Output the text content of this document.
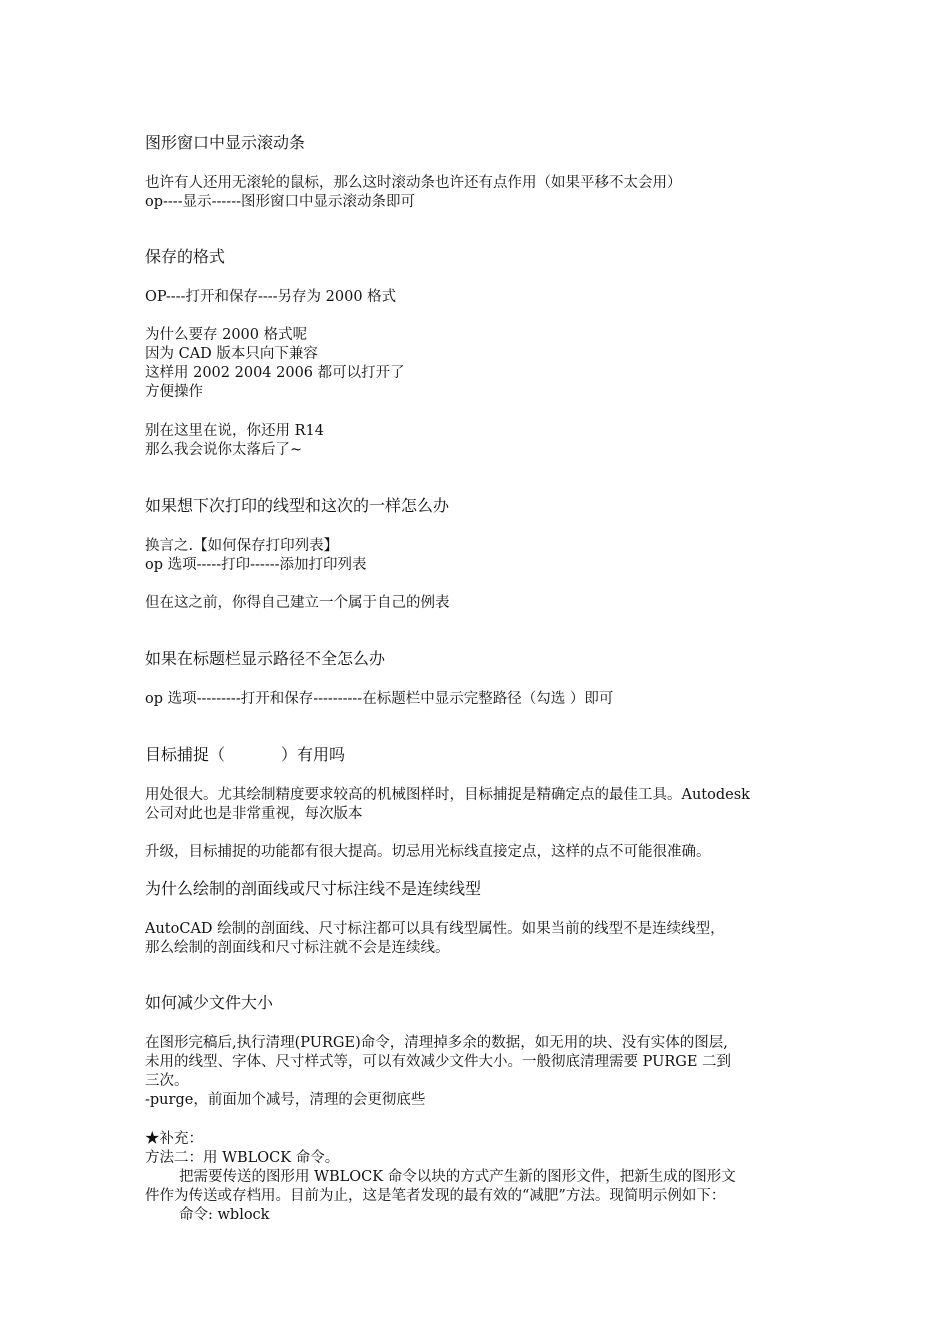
图形窗口中显示滚动条
也许有人还用无滚轮的鼠标，那么这时滚动条也许还有点作用（如果平移不太会用）
op----显示------图形窗口中显示滚动条即可
保存的格式
OP----打开和保存----另存为 2000 格式
为什么要存 2000 格式呢
因为 CAD 版本只向下兼容
这样用 2002 2004 2006 都可以打开了
方便操作
别在这里在说，你还用 R14
那么我会说你太落后了~
如果想下次打印的线型和这次的一样怎么办
换言之.【如何保存打印列表】
op 选项-----打印------添加打印列表
但在这之前，你得自己建立一个属于自己的例表
如果在标题栏显示路径不全怎么办
op 选项---------打开和保存----------在标题栏中显示完整路径（勾选 ）即可
目标捕捉（	）有用吗
用处很大。尤其绘制精度要求较高的机械图样时，目标捕捉是精确定点的最佳工具。Autodesk
公司对此也是非常重视，每次版本
升级，目标捕捉的功能都有很大提高。切忌用光标线直接定点，这样的点不可能很准确。
为什么绘制的剖面线或尺寸标注线不是连续线型
AutoCAD 绘制的剖面线、尺寸标注都可以具有线型属性。如果当前的线型不是连续线型，
那么绘制的剖面线和尺寸标注就不会是连续线。
如何减少文件大小
在图形完稿后,执行清理(PURGE)命令，清理掉多余的数据，如无用的块、没有实体的图层,
未用的线型、字体、尺寸样式等，可以有效减少文件大小。一般彻底清理需要 PURGE 二到
三次。
-purge，前面加个减号，清理的会更彻底些
★补充：
方法二：用 WBLOCK 命令。
把需要传送的图形用 WBLOCK 命令以块的方式产生新的图形文件，把新生成的图形文
件作为传送或存档用。目前为止，这是笔者发现的最有效的“减肥”方法。现简明示例如下：
命令: wblock
